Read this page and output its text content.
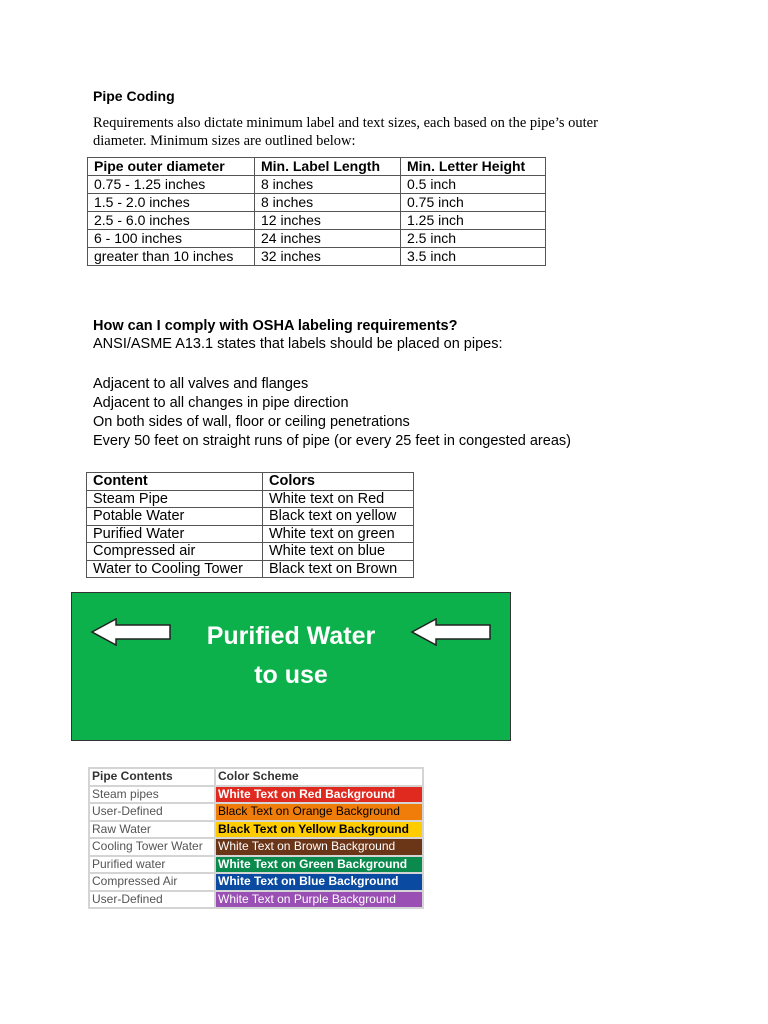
Pipe Coding
Requirements also dictate minimum label and text sizes, each based on the pipe’s outer
diameter. Minimum sizes are outlined below:
Pipe outer diameter	Min. Label Length	Min. Letter Height
0.75 - 1.25 inches	8 inches	0.5 inch
1.5 - 2.0 inches	8 inches	0.75 inch
2.5 - 6.0 inches	12 inches	1.25 inch
6 - 100 inches	24 inches	2.5 inch
greater than 10 inches	32 inches	3.5 inch
How can I comply with OSHA labeling requirements?
ANSI/ASME A13.1 states that labels should be placed on pipes:
Adjacent to all valves and flanges
Adjacent to all changes in pipe direction
On both sides of wall, floor or ceiling penetrations
Every 50 feet on straight runs of pipe (or every 25 feet in congested areas)
Content	Colors
Steam Pipe	White text on Red
Potable Water	Black text on yellow
Purified Water	White text on green
Compressed air	White text on blue
Water to Cooling Tower	Black text on Brown
Purified Water
to use
Pipe Contents	Color Scheme
Steam pipes	White Text on Red Background
User-Defined	Black Text on Orange Background
Raw Water	Black Text on Yellow Background
Cooling Tower Water	White Text on Brown Background
Purified water	White Text on Green Background
Compressed Air	White Text on Blue Background
User-Defined	White Text on Purple Background
